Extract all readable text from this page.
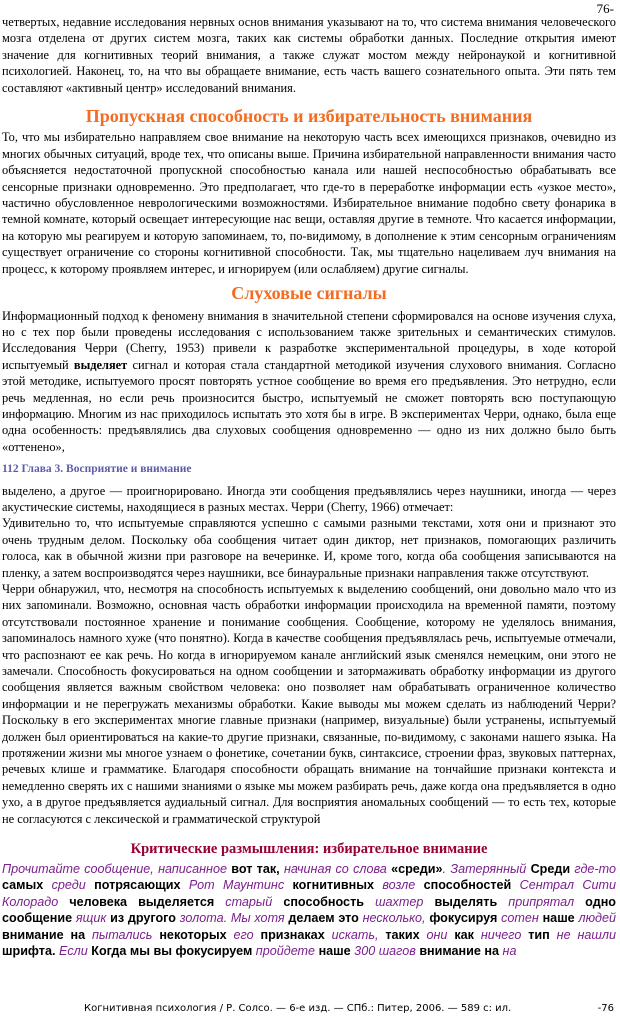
76-

четвертых, недавние исследования нервных основ внимания указывают на то, что система внимания человеческого мозга отделена от других систем мозга, таких как системы обработки данных. Последние открытия имеют значение для когнитивных теорий внимания, а также служат мостом между нейронаукой и когнитивной психологией. Наконец, то, на что вы обращаете внимание, есть часть вашего сознательного опыта. Эти пять тем составляют «активный центр» исследований внимания.

Пропускная способность и избирательность внимания

То, что мы избирательно направляем свое внимание на некоторую часть всех имеющихся признаков, очевидно из многих обычных ситуаций, вроде тех, что описаны выше. Причина избирательной направленности внимания часто объясняется недостаточной пропускной способностью канала или нашей неспособностью обрабатывать все сенсорные признаки одновременно. Это предполагает, что где-то в переработке информации есть «узкое место», частично обусловленное неврологическими возможностями. Избирательное внимание подобно свету фонарика в темной комнате, который освещает интересующие нас вещи, оставляя другие в темноте. Что касается информации, на которую мы реагируем и которую запоминаем, то, по-видимому, в дополнение к этим сенсорным ограничениям существует ограничение со стороны когнитивной способности. Так, мы тщательно нацеливаем луч внимания на процесс, к которому проявляем интерес, и игнорируем (или ослабляем) другие сигналы.

Слуховые сигналы

Информационный подход к феномену внимания в значительной степени сформировался на основе изучения слуха, но с тех пор были проведены исследования с использованием также зрительных и семантических стимулов. Исследования Черри (Cherry, 1953) привели к разработке экспериментальной процедуры, в ходе которой испытуемый выделяет сигнал и которая стала стандартной методикой изучения слухового внимания. Согласно этой методике, испытуемого просят повторять устное сообщение во время его предъявления. Это нетрудно, если речь медленная, но если речь произносится быстро, испытуемый не сможет повторять всю поступающую информацию. Многим из нас приходилось испытать это хотя бы в игре. В экспериментах Черри, однако, была еще одна особенность: предъявлялись два слуховых сообщения одновременно — одно из них должно было быть «оттенено»,

112 Глава 3. Восприятие и внимание

выделено, а другое — проигнорировано. Иногда эти сообщения предъявлялись через наушники, иногда — через акустические системы, находящиеся в разных местах. Черри (Cherry, 1966) отмечает:

Удивительно то, что испытуемые справляются успешно с самыми разными текстами, хотя они и признают это очень трудным делом. Поскольку оба сообщения читает один диктор, нет признаков, помогающих различить голоса, как в обычной жизни при разговоре на вечеринке. И, кроме того, когда оба сообщения записываются на пленку, а затем воспроизводятся через наушники, все бинауральные признаки направления также отсутствуют.

Черри обнаружил, что, несмотря на способность испытуемых к выделению сообщений, они довольно мало что из них запоминали. Возможно, основная часть обработки информации происходила на временной памяти, поэтому отсутствовали постоянное хранение и понимание сообщения. Сообщение, которому не уделялось внимания, запоминалось намного хуже (что понятно). Когда в качестве сообщения предъявлялась речь, испытуемые отмечали, что распознают ее как речь. Но когда в игнорируемом канале английский язык сменялся немецким, они этого не замечали. Способность фокусироваться на одном сообщении и затормаживать обработку информации из другого сообщения является важным свойством человека: оно позволяет нам обрабатывать ограниченное количество информации и не перегружать механизмы обработки. Какие выводы мы можем сделать из наблюдений Черри? Поскольку в его экспериментах многие главные признаки (например, визуальные) были устранены, испытуемый должен был ориентироваться на какие-то другие признаки, связанные, по-видимому, с законами нашего языка. На протяжении жизни мы многое узнаем о фонетике, сочетании букв, синтаксисе, строении фраз, звуковых паттернах, речевых клише и грамматике. Благодаря способности обращать внимание на тончайшие признаки контекста и немедленно сверять их с нашими знаниями о языке мы можем разбирать речь, даже когда она предъявляется в одно ухо, а в другое предъявляется аудиальный сигнал. Для восприятия аномальных сообщений — то есть тех, которые не согласуются с лексической и грамматической структурой

Критические размышления: избирательное внимание

Прочитайте сообщение, написанное вот так, начиная со слова «среди». Затерянный Среди где-то самых среди потрясающих Рот Маунтинс когнитивных возле способностей Сентрал Сити Колорадо человека выделяется старый способность шахтер выделять припрятал одно сообщение ящик из другого золота. Мы хотя делаем это несколько, фокусируя сотен наше людей внимание на пытались некоторых его признаках искать, таких они как ничего тип не нашли шрифта. Если Когда мы вы фокусируем пройдете наше 300 шагов внимание на на

Когнитивная психология / Р. Солсо. — 6-е изд. — СПб.: Питер, 2006. — 589 с: ил.	-76
